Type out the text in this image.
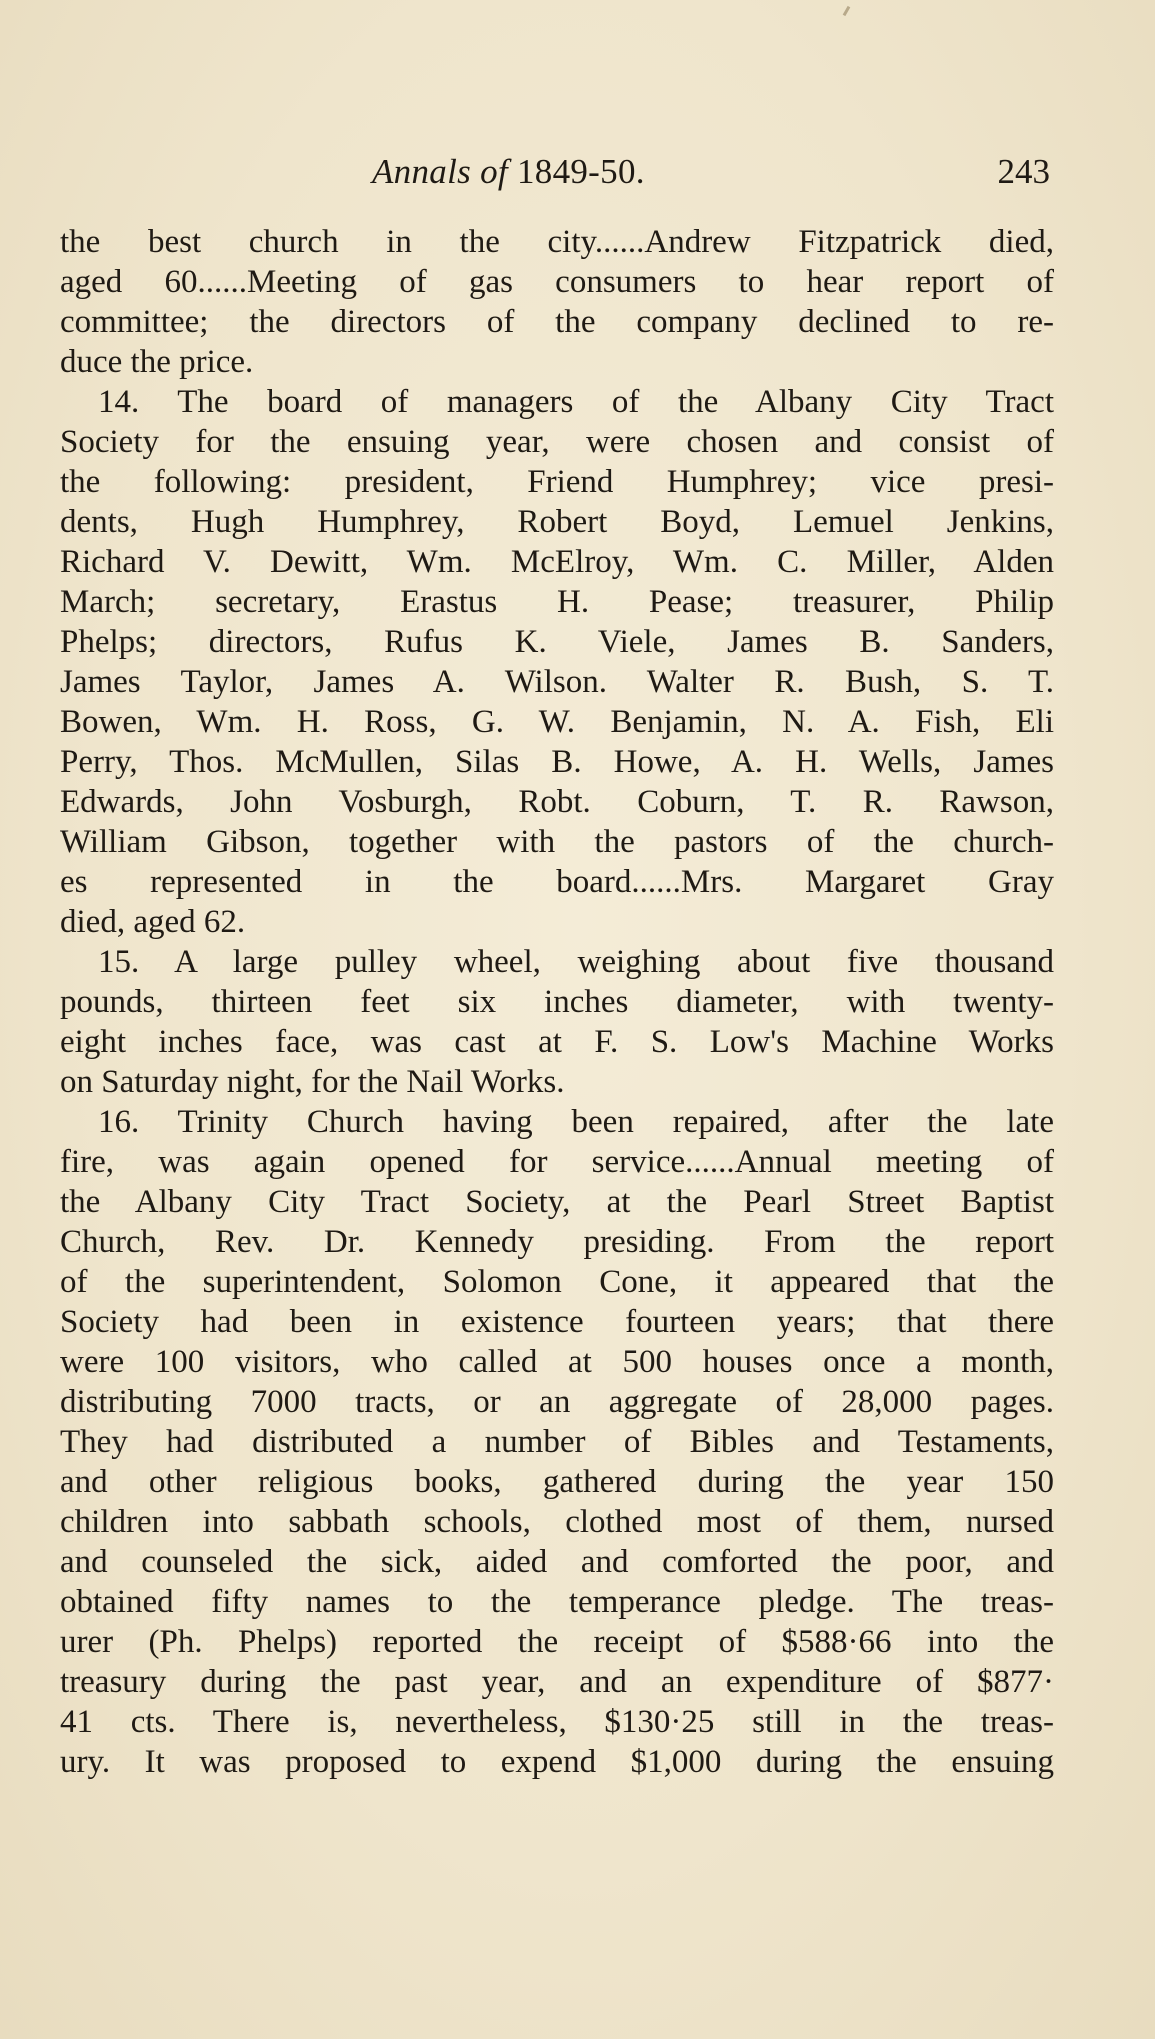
Annals of 1849-50.	243
the best church in the city......Andrew Fitzpatrick died,
aged 60......Meeting of gas consumers to hear report of
committee; the directors of the company declined to re-
duce the price.
14. The board of managers of the Albany City Tract
Society for the ensuing year, were chosen and consist of
the following: president, Friend Humphrey; vice presi-
dents, Hugh Humphrey, Robert Boyd, Lemuel Jenkins,
Richard V. Dewitt, Wm. McElroy, Wm. C. Miller, Alden
March; secretary, Erastus H. Pease; treasurer, Philip
Phelps; directors, Rufus K. Viele, James B. Sanders,
James Taylor, James A. Wilson. Walter R. Bush, S. T.
Bowen, Wm. H. Ross, G. W. Benjamin, N. A. Fish, Eli
Perry, Thos. McMullen, Silas B. Howe, A. H. Wells, James
Edwards, John Vosburgh, Robt. Coburn, T. R. Rawson,
William Gibson, together with the pastors of the church-
es represented in the board......Mrs. Margaret Gray
died, aged 62.
15. A large pulley wheel, weighing about five thousand
pounds, thirteen feet six inches diameter, with twenty-
eight inches face, was cast at F. S. Low's Machine Works
on Saturday night, for the Nail Works.
16. Trinity Church having been repaired, after the late
fire, was again opened for service......Annual meeting of
the Albany City Tract Society, at the Pearl Street Baptist
Church, Rev. Dr. Kennedy presiding. From the report
of the superintendent, Solomon Cone, it appeared that the
Society had been in existence fourteen years; that there
were 100 visitors, who called at 500 houses once a month,
distributing 7000 tracts, or an aggregate of 28,000 pages.
They had distributed a number of Bibles and Testaments,
and other religious books, gathered during the year 150
children into sabbath schools, clothed most of them, nursed
and counseled the sick, aided and comforted the poor, and
obtained fifty names to the temperance pledge. The treas-
urer (Ph. Phelps) reported the receipt of $588·66 into the
treasury during the past year, and an expenditure of $877·
41 cts. There is, nevertheless, $130·25 still in the treas-
ury. It was proposed to expend $1,000 during the ensuing
